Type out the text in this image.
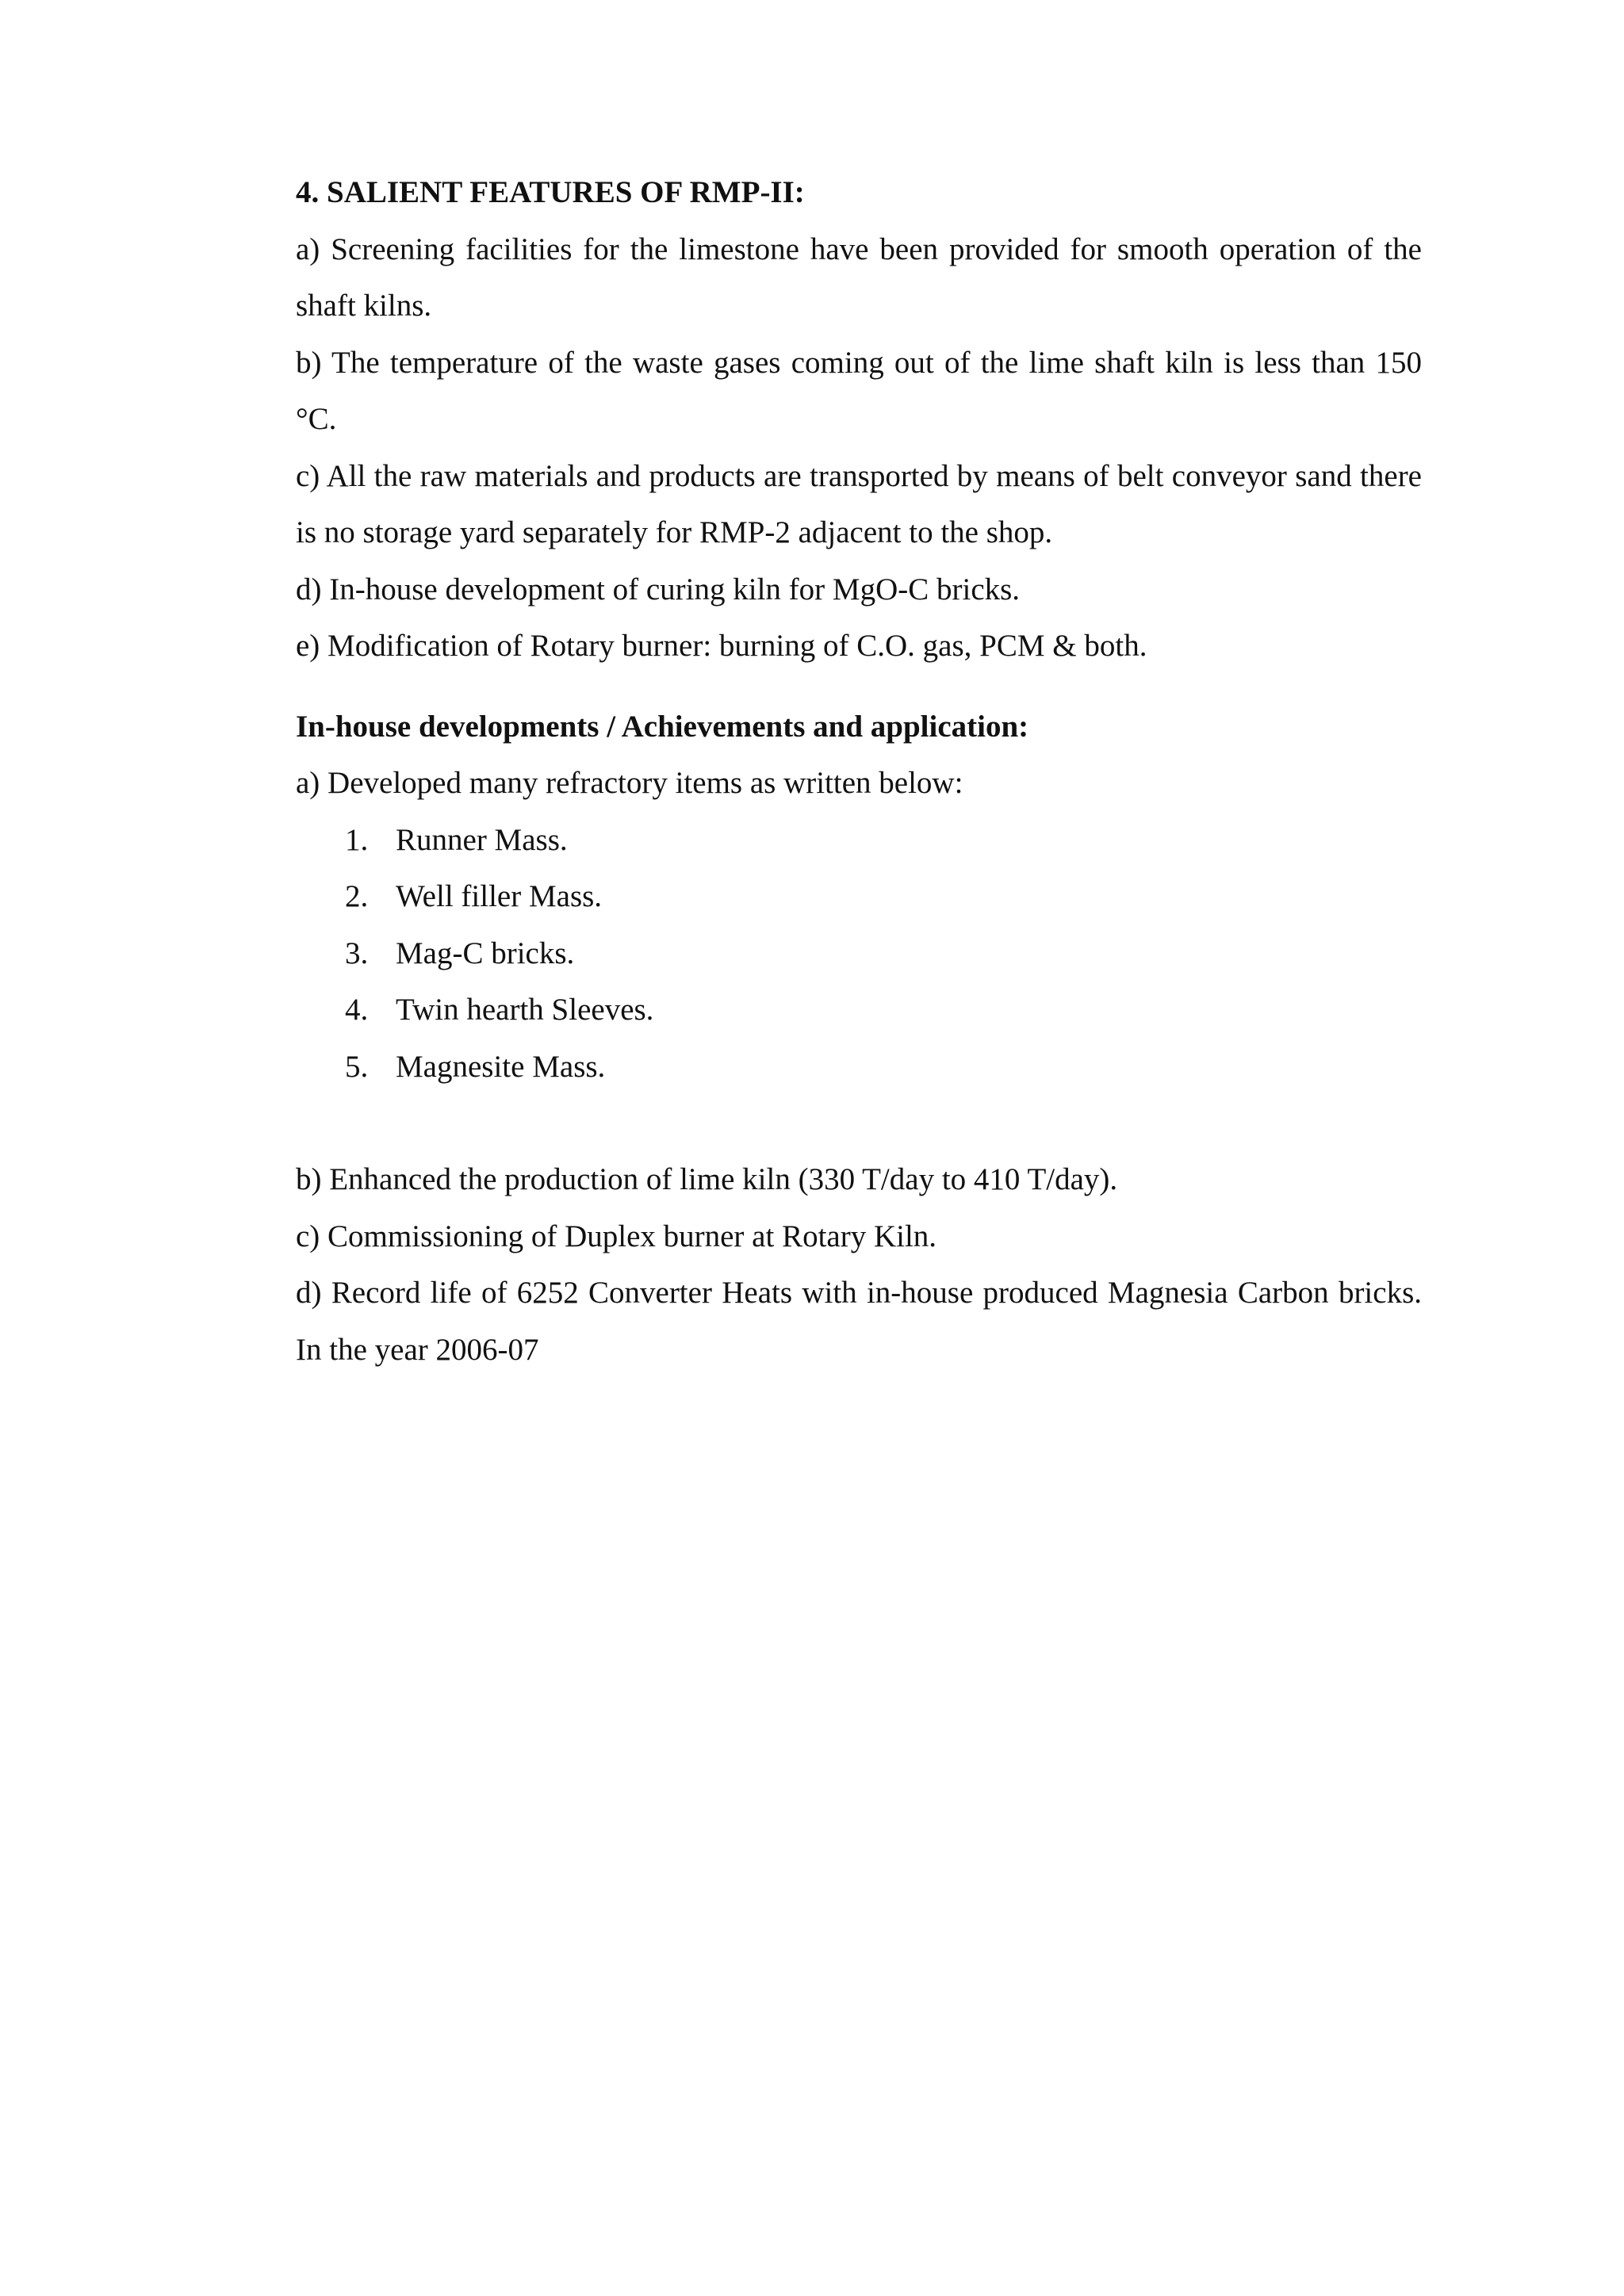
4. SALIENT FEATURES OF RMP-II:

a) Screening facilities for the limestone have been provided for smooth operation of the shaft kilns.

b) The temperature of the waste gases coming out of the lime shaft kiln is less than 150 °C.

c) All the raw materials and products are transported by means of belt conveyor sand there is no storage yard separately for RMP-2 adjacent to the shop.

d) In-house development of curing kiln for MgO-C bricks.

e) Modification of Rotary burner: burning of C.O. gas, PCM & both.

In-house developments / Achievements and application:

a) Developed many refractory items as written below:

1. Runner Mass.
2. Well filler Mass.
3. Mag-C bricks.
4. Twin hearth Sleeves.
5. Magnesite Mass.

b) Enhanced the production of lime kiln (330 T/day to 410 T/day).

c) Commissioning of Duplex burner at Rotary Kiln.

d) Record life of 6252 Converter Heats with in-house produced Magnesia Carbon bricks. In the year 2006-07
